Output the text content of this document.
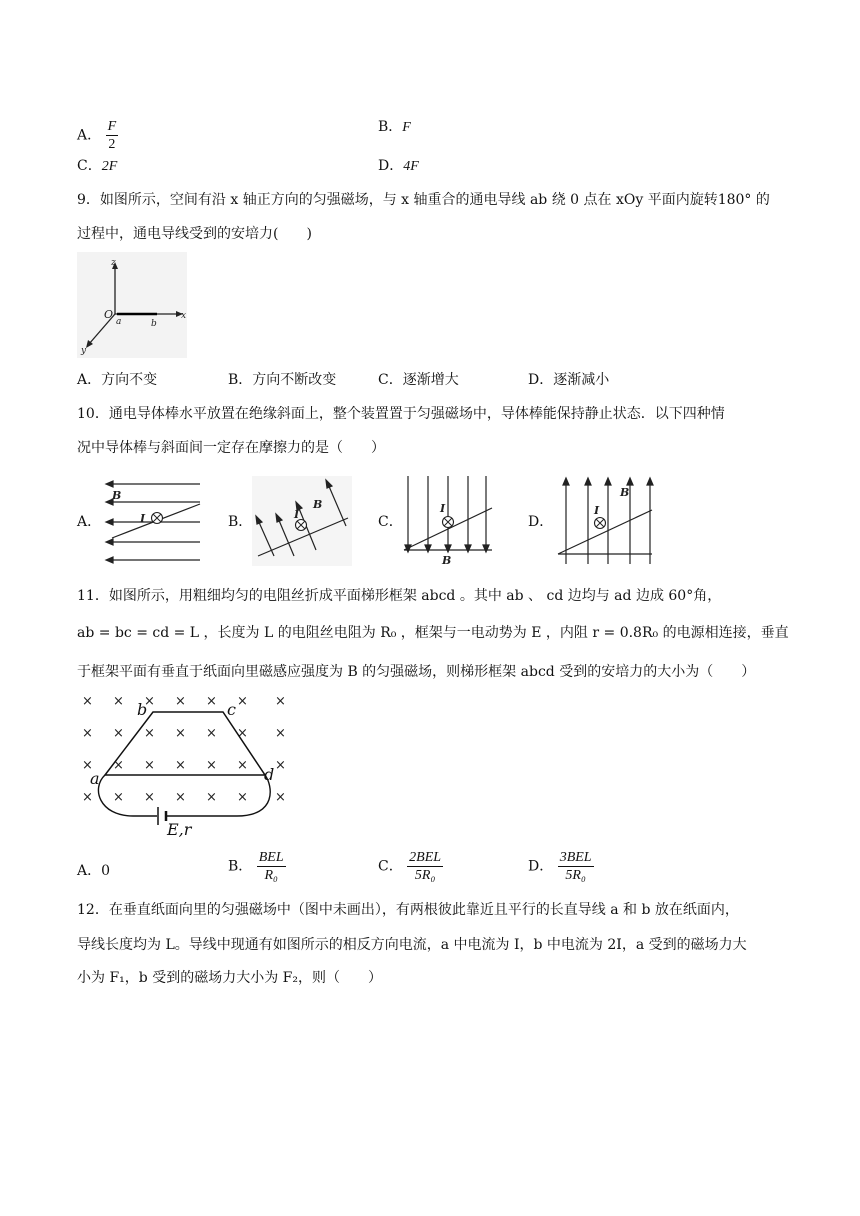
A． $\frac{F}{2}$	B．F
C．2F	D．4F
9．如图所示，空间有沿 x 轴正方向的匀强磁场，与 x 轴重合的通电导线 ab 绕 0 点在 xOy 平面内旋转180° 的
过程中，通电导线受到的安培力(　　)
z
x
y
O
a	b
A．方向不变	B．方向不断改变	C．逐渐增大	D．逐渐减小
10．通电导体棒水平放置在绝缘斜面上，整个装置置于匀强磁场中，导体棒能保持静止状态．以下四种情
况中导体棒与斜面间一定存在摩擦力的是（　　）
A．
B
I	B．
B
I	C．
I
B
D．
I
B
11．如图所示，用粗细均匀的电阻丝折成平面梯形框架 abcd 。其中 ab 、 cd 边均与 ad 边成 60°角，
ab = bc = cd = L ，长度为 L 的电阻丝电阻为 R₀ ，框架与一电动势为 E ，内阻 r = 0.8R₀ 的电源相连接，垂直
于框架平面有垂直于纸面向里磁感应强度为 B 的匀强磁场，则梯形框架 abcd 受到的安培力的大小为（　　）
× × × × × × ×
× × × × × × ×
× × × × × × ×
× × × × × × ×
b	c
a	d
E,r
A．0	B． $\frac{\text{BEL}}{\text{R₀}}$	C． $\frac{\text{2BEL}}{\text{5R₀}}$	D． $\frac{\text{3BEL}}{\text{5R₀}}$
12．在垂直纸面向里的匀强磁场中（图中未画出），有两根彼此靠近且平行的长直导线 a 和 b 放在纸面内，
导线长度均为 L。导线中现通有如图所示的相反方向电流，a 中电流为 I，b 中电流为 2I，a 受到的磁场力大
小为 F₁，b 受到的磁场力大小为 F₂，则（　　）
